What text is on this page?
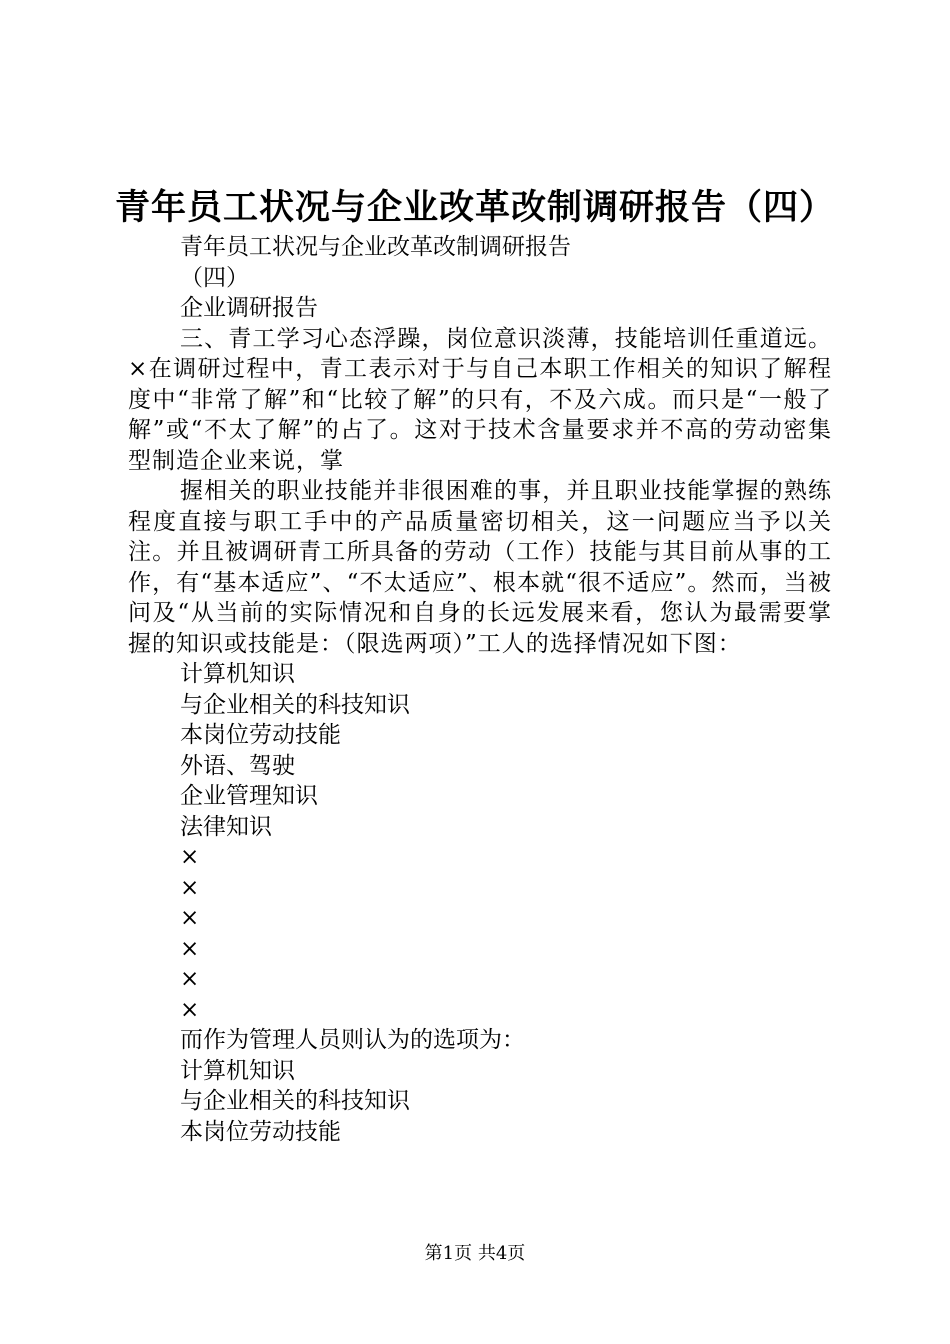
青年员工状况与企业改革改制调研报告（四）
青年员工状况与企业改革改制调研报告
（四）
企业调研报告

三、青工学习心态浮躁，岗位意识淡薄，技能培训任重道远。×在调研过程中，青工表示对于与自己本职工作相关的知识了解程度中“非常了解”和“比较了解”的只有，不及六成。而只是“一般了解”或“不太了解”的占了。这对于技术含量要求并不高的劳动密集型制造企业来说，掌

握相关的职业技能并非很困难的事，并且职业技能掌握的熟练程度直接与职工手中的产品质量密切相关，这一问题应当予以关注。并且被调研青工所具备的劳动（工作）技能与其目前从事的工作，有“基本适应”、“不太适应”、根本就“很不适应”。然而，当被问及“从当前的实际情况和自身的长远发展来看，您认为最需要掌握的知识或技能是：（限选两项）”工人的选择情况如下图：

计算机知识
与企业相关的科技知识
本岗位劳动技能
外语、驾驶
企业管理知识
法律知识
×
×
×
×
×
×
而作为管理人员则认为的选项为：
计算机知识
与企业相关的科技知识
本岗位劳动技能
第1页 共4页
